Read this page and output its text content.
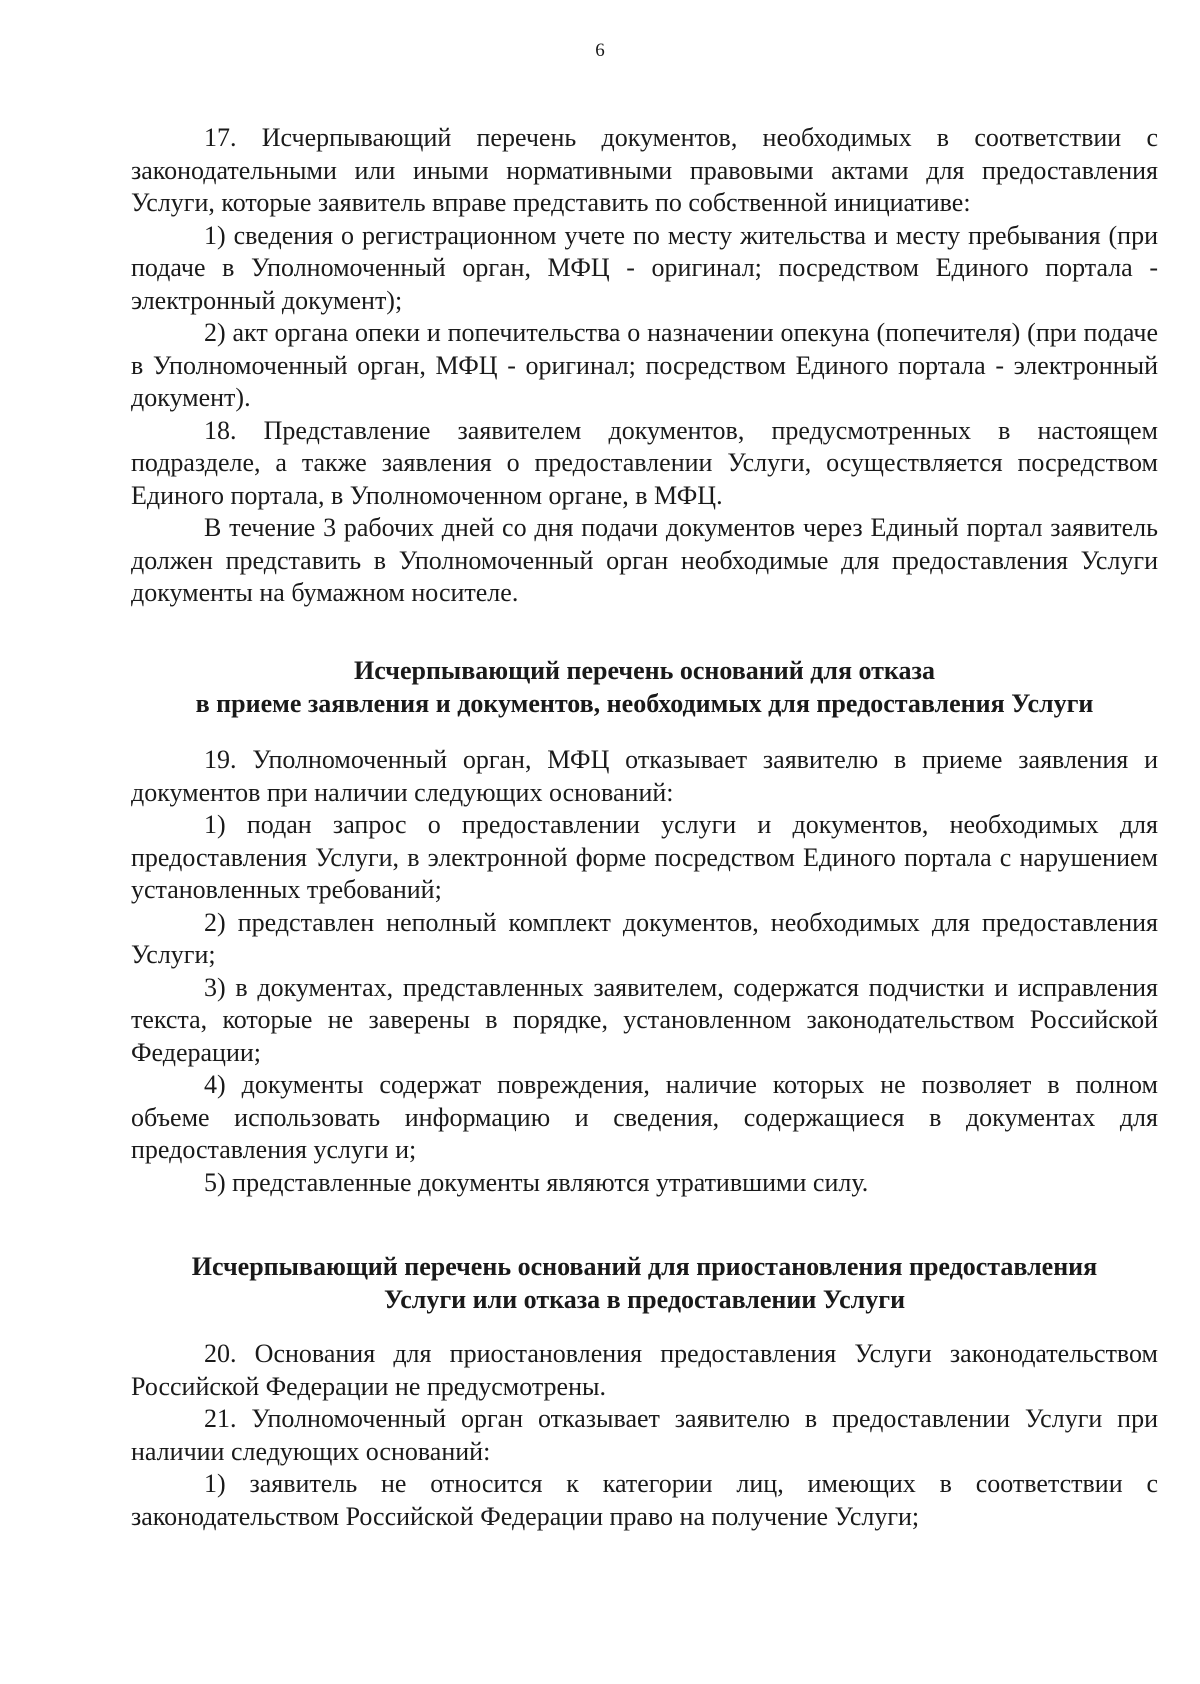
6

17. Исчерпывающий перечень документов, необходимых в соответствии с законодательными или иными нормативными правовыми актами для предоставления Услуги, которые заявитель вправе представить по собственной инициативе:

1) сведения о регистрационном учете по месту жительства и месту пребывания (при подаче в Уполномоченный орган, МФЦ - оригинал; посредством Единого портала - электронный документ);

2) акт органа опеки и попечительства о назначении опекуна (попечителя) (при подаче в Уполномоченный орган, МФЦ - оригинал; посредством Единого портала - электронный документ).

18. Представление заявителем документов, предусмотренных в настоящем подразделе, а также заявления о предоставлении Услуги, осуществляется посредством Единого портала, в Уполномоченном органе, в МФЦ.

В течение 3 рабочих дней со дня подачи документов через Единый портал заявитель должен представить в Уполномоченный орган необходимые для предоставления Услуги документы на бумажном носителе.

Исчерпывающий перечень оснований для отказа
в приеме заявления и документов, необходимых для предоставления Услуги

19. Уполномоченный орган, МФЦ отказывает заявителю в приеме заявления и документов при наличии следующих оснований:

1) подан запрос о предоставлении услуги и документов, необходимых для предоставления Услуги, в электронной форме посредством Единого портала с нарушением установленных требований;

2) представлен неполный комплект документов, необходимых для предоставления Услуги;

3) в документах, представленных заявителем, содержатся подчистки и исправления текста, которые не заверены в порядке, установленном законодательством Российской Федерации;

4) документы содержат повреждения, наличие которых не позволяет в полном объеме использовать информацию и сведения, содержащиеся в документах для предоставления услуги и;

5) представленные документы являются утратившими силу.

Исчерпывающий перечень оснований для приостановления предоставления
Услуги или отказа в предоставлении Услуги

20. Основания для приостановления предоставления Услуги законодательством Российской Федерации не предусмотрены.

21. Уполномоченный орган отказывает заявителю в предоставлении Услуги при наличии следующих оснований:

1) заявитель не относится к категории лиц, имеющих в соответствии с законодательством Российской Федерации право на получение Услуги;
